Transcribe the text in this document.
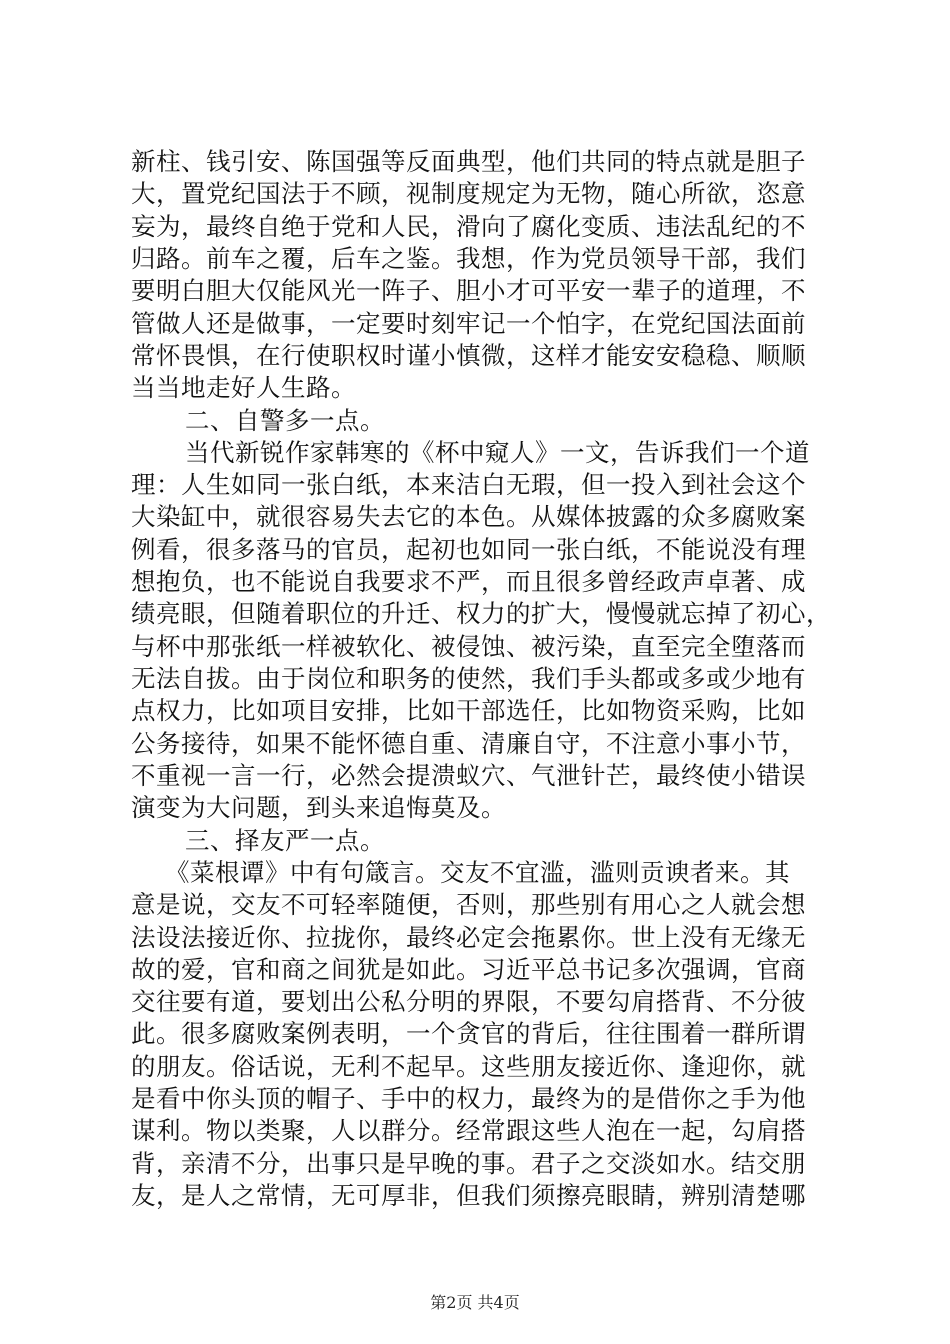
新柱、钱引安、陈国强等反面典型，他们共同的特点就是胆子
大，置党纪国法于不顾，视制度规定为无物，随心所欲，恣意
妄为，最终自绝于党和人民，滑向了腐化变质、违法乱纪的不
归路。前车之覆，后车之鉴。我想，作为党员领导干部，我们
要明白胆大仅能风光一阵子、胆小才可平安一辈子的道理，不
管做人还是做事，一定要时刻牢记一个怕字，在党纪国法面前
常怀畏惧，在行使职权时谨小慎微，这样才能安安稳稳、顺顺
当当地走好人生路。
二、自警多一点。
当代新锐作家韩寒的《杯中窥人》一文，告诉我们一个道
理：人生如同一张白纸，本来洁白无瑕，但一投入到社会这个
大染缸中，就很容易失去它的本色。从媒体披露的众多腐败案
例看，很多落马的官员，起初也如同一张白纸，不能说没有理
想抱负，也不能说自我要求不严，而且很多曾经政声卓著、成
绩亮眼，但随着职位的升迁、权力的扩大，慢慢就忘掉了初心，
与杯中那张纸一样被软化、被侵蚀、被污染，直至完全堕落而
无法自拔。由于岗位和职务的使然，我们手头都或多或少地有
点权力，比如项目安排，比如干部选任，比如物资采购，比如
公务接待，如果不能怀德自重、清廉自守，不注意小事小节，
不重视一言一行，必然会提溃蚁穴、气泄针芒，最终使小错误
演变为大问题，到头来追悔莫及。
三、择友严一点。
《菜根谭》中有句箴言。交友不宜滥，滥则贡谀者来。其
意是说，交友不可轻率随便，否则，那些别有用心之人就会想
法设法接近你、拉拢你，最终必定会拖累你。世上没有无缘无
故的爱，官和商之间犹是如此。习近平总书记多次强调，官商
交往要有道，要划出公私分明的界限，不要勾肩搭背、不分彼
此。很多腐败案例表明，一个贪官的背后，往往围着一群所谓
的朋友。俗话说，无利不起早。这些朋友接近你、逢迎你，就
是看中你头顶的帽子、手中的权力，最终为的是借你之手为他
谋利。物以类聚，人以群分。经常跟这些人泡在一起，勾肩搭
背，亲清不分，出事只是早晚的事。君子之交淡如水。结交朋
友，是人之常情，无可厚非，但我们须擦亮眼睛，辨别清楚哪
第2页 共4页
